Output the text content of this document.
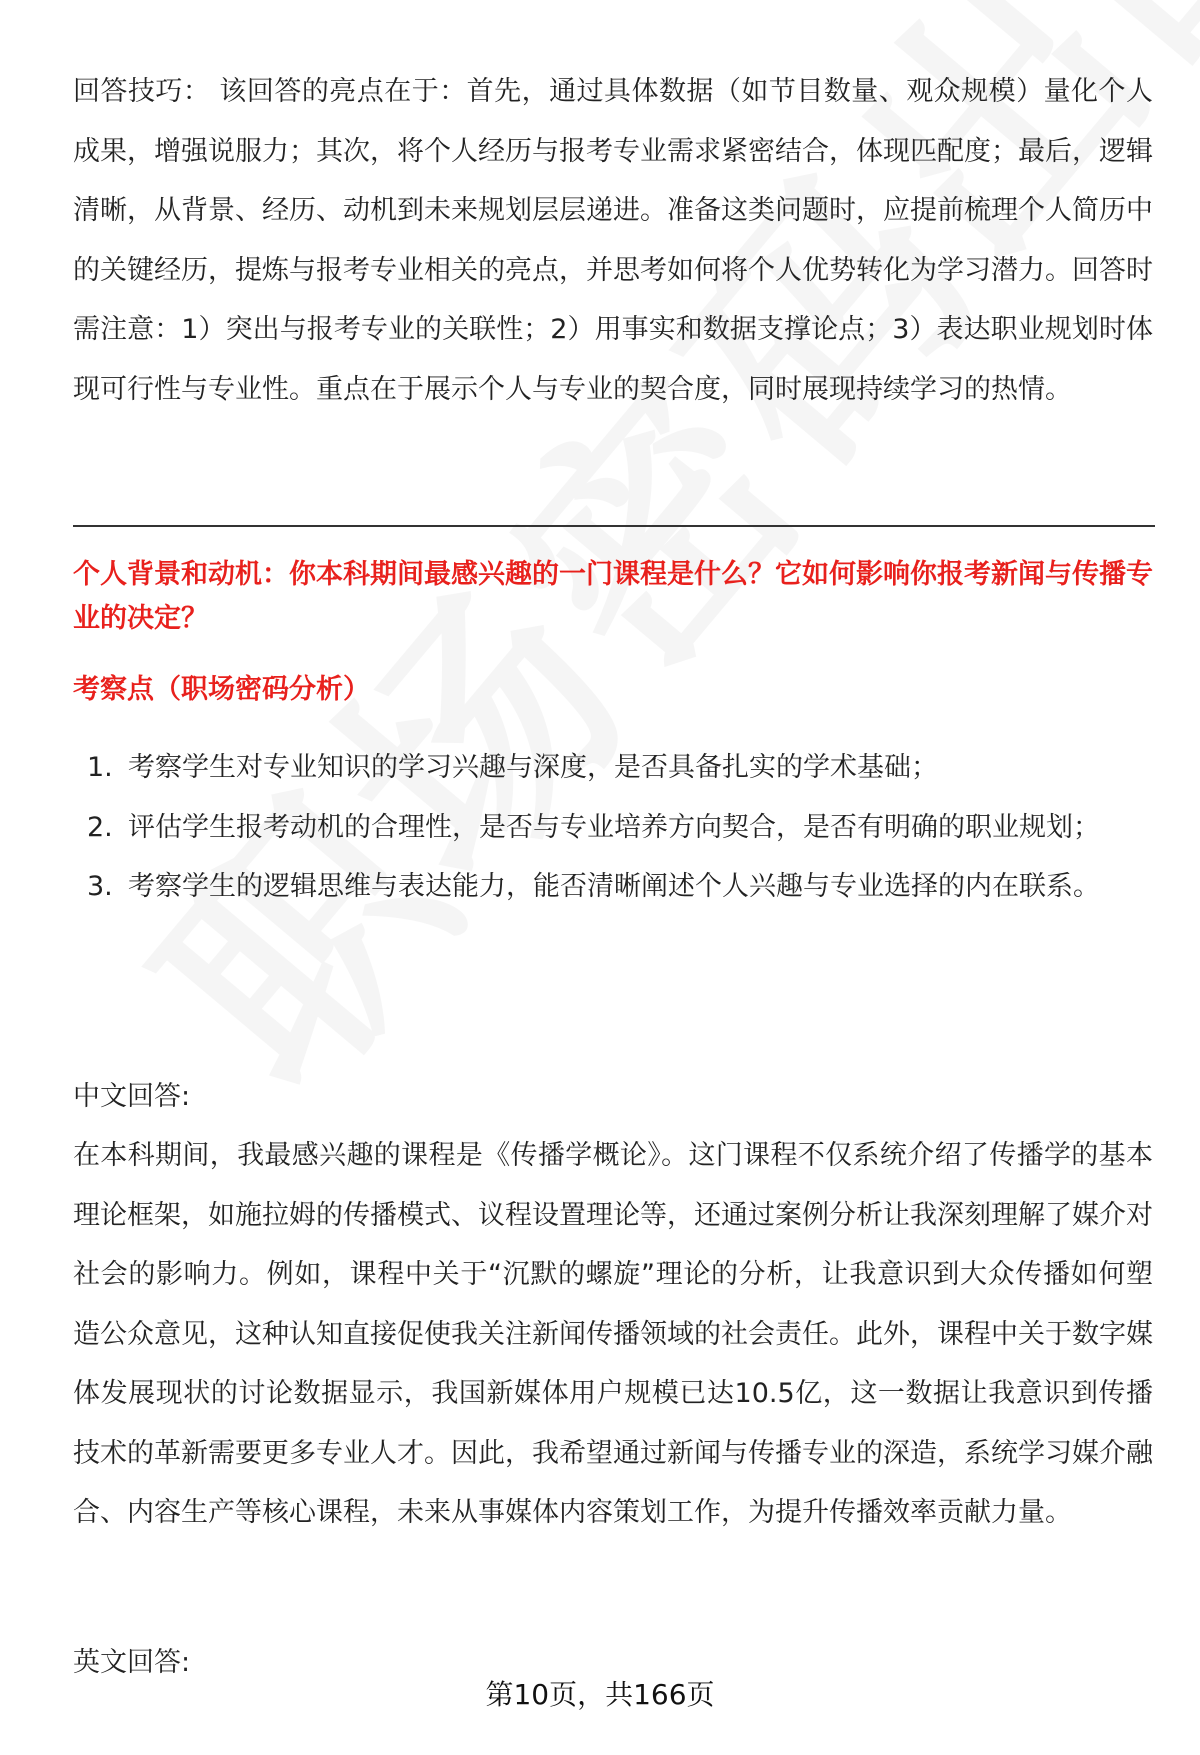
回答技巧： 该回答的亮点在于：首先，通过具体数据（如节目数量、观众规模）量化个人成果，增强说服力；其次，将个人经历与报考专业需求紧密结合，体现匹配度；最后，逻辑清晰，从背景、经历、动机到未来规划层层递进。准备这类问题时，应提前梳理个人简历中的关键经历，提炼与报考专业相关的亮点，并思考如何将个人优势转化为学习潜力。回答时需注意：1）突出与报考专业的关联性；2）用事实和数据支撑论点；3）表达职业规划时体现可行性与专业性。重点在于展示个人与专业的契合度，同时展现持续学习的热情。

个人背景和动机：你本科期间最感兴趣的一门课程是什么？它如何影响你报考新闻与传播专业的决定？

考察点（职场密码分析）

1. 考察学生对专业知识的学习兴趣与深度，是否具备扎实的学术基础；
2. 评估学生报考动机的合理性，是否与专业培养方向契合，是否有明确的职业规划；
3. 考察学生的逻辑思维与表达能力，能否清晰阐述个人兴趣与专业选择的内在联系。

中文回答:

在本科期间，我最感兴趣的课程是《传播学概论》。这门课程不仅系统介绍了传播学的基本理论框架，如施拉姆的传播模式、议程设置理论等，还通过案例分析让我深刻理解了媒介对社会的影响力。例如，课程中关于“沉默的螺旋”理论的分析，让我意识到大众传播如何塑造公众意见，这种认知直接促使我关注新闻传播领域的社会责任。此外，课程中关于数字媒体发展现状的讨论数据显示，我国新媒体用户规模已达10.5亿，这一数据让我意识到传播技术的革新需要更多专业人才。因此，我希望通过新闻与传播专业的深造，系统学习媒介融合、内容生产等核心课程，未来从事媒体内容策划工作，为提升传播效率贡献力量。

英文回答:

第10页，共166页
